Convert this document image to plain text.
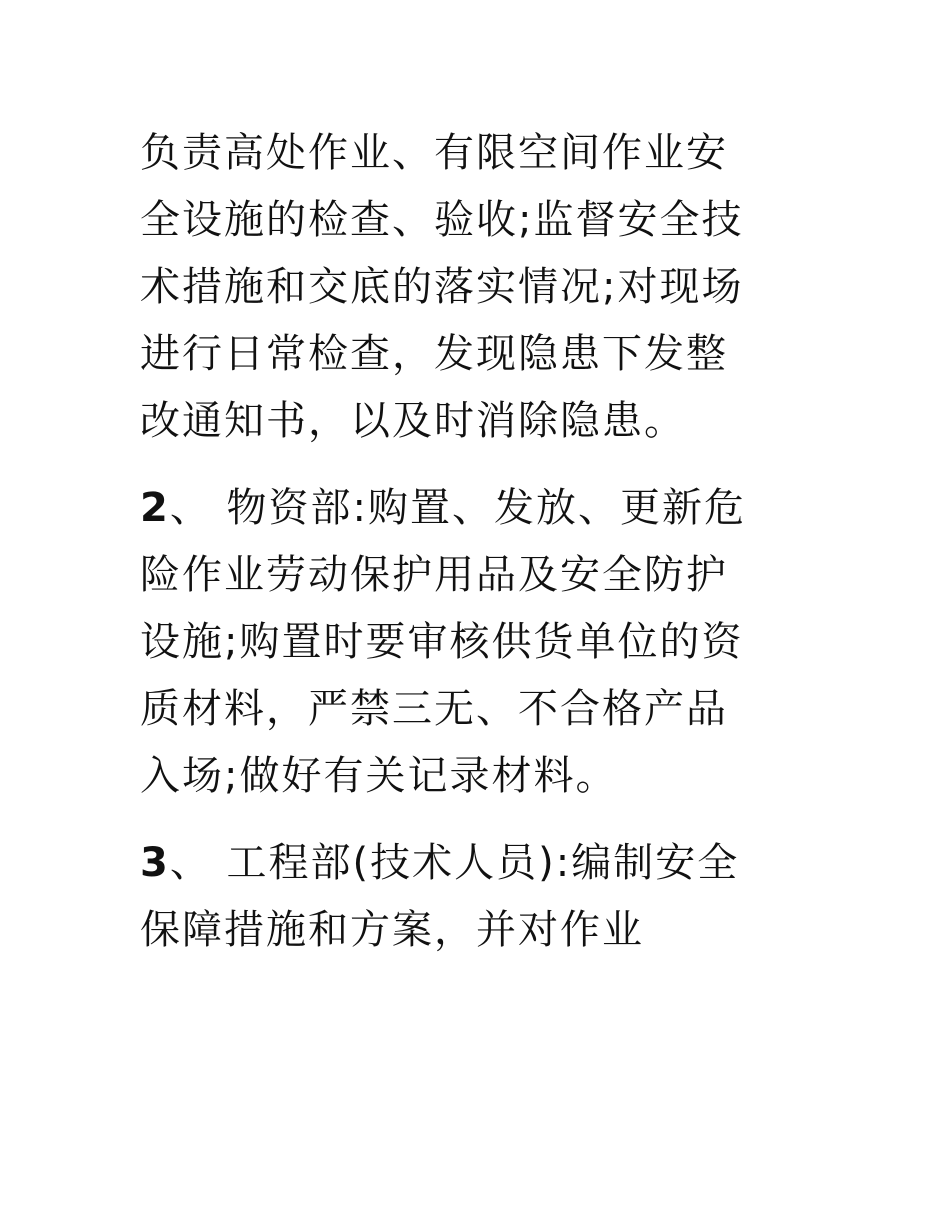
负责高处作业、有限空间作业安
全设施的检查、验收;监督安全技
术措施和交底的落实情况;对现场
进行日常检查，发现隐患下发整
改通知书，以及时消除隐患。

2、 物资部:购置、发放、更新危
险作业劳动保护用品及安全防护
设施;购置时要审核供货单位的资
质材料，严禁三无、不合格产品
入场;做好有关记录材料。

3、 工程部(技术人员):编制安全
保障措施和方案，并对作业
